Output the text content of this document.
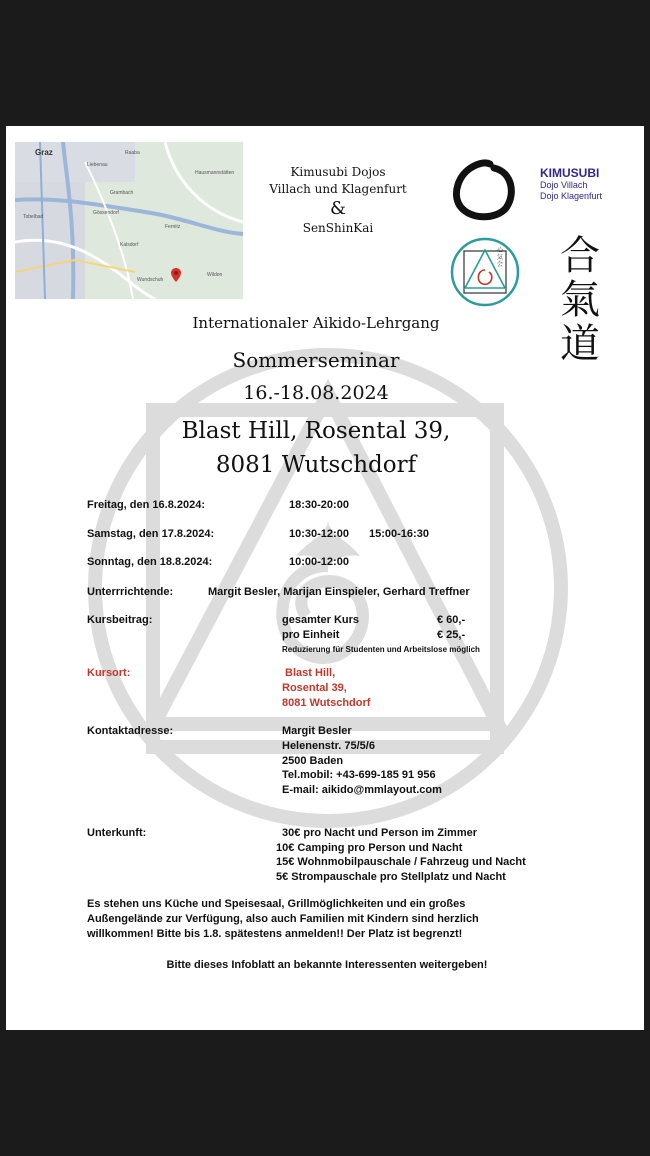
Graz
Liebenau
Grambach
Hausmannstätten
Fernitz
Kalsdorf
Wundschuh
Wildon
Gössendorf
Raaba
Tobelbad
Kimusubi Dojos
Villach und Klagenfurt
&
SenShinKai
KIMUSUBI
Dojo Villach
Dojo Klagenfurt
心気会 合
氣
道
Internationaler Aikido-Lehrgang
Sommerseminar
16.-18.08.2024
Blast Hill, Rosental 39,
8081 Wutschdorf
Freitag, den 16.8.2024:	18:30-20:00
Samstag, den 17.8.2024:	10:30-12:00 15:00-16:30
Sonntag, den 18.8.2024:	10:00-12:00
Unterrrichtende:	Margit Besler, Marijan Einspieler, Gerhard Treffner
Kursbeitrag:	gesamter Kurs	€ 60,-
pro Einheit	€ 25,-
Reduzierung für Studenten und Arbeitslose möglich
Kursort:	Blast Hill,
Rosental 39,
8081 Wutschdorf
Kontaktadresse:	Margit Besler
Helenenstr. 75/5/6
2500 Baden
Tel.mobil: +43-699-185 91 956
E-mail: aikido@mmlayout.com
Unterkunft:	30€ pro Nacht und Person im Zimmer
10€ Camping pro Person und Nacht
15€ Wohnmobilpauschale / Fahrzeug und Nacht
5€ Strompauschale pro Stellplatz und Nacht
Es stehen uns Küche und Speisesaal, Grillmöglichkeiten und ein großes
Außengelände zur Verfügung, also auch Familien mit Kindern sind herzlich
willkommen! Bitte bis 1.8. spätestens anmelden!! Der Platz ist begrenzt!
Bitte dieses Infoblatt an bekannte Interessenten weitergeben!
